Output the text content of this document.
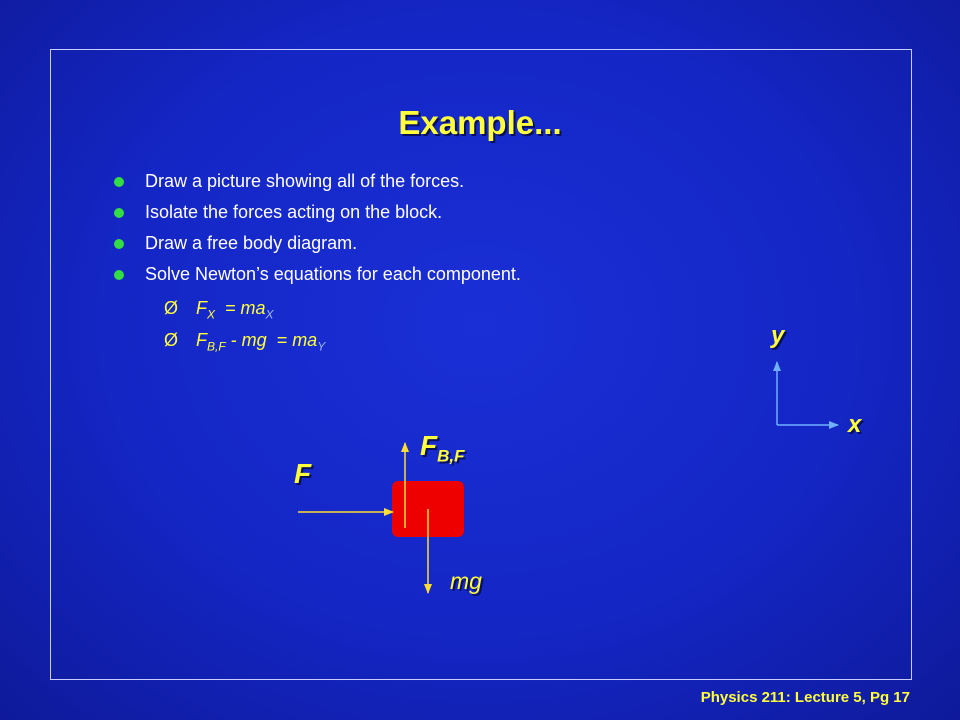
Example...
Draw a picture showing all of the forces.
Isolate the forces acting on the block.
Draw a free body diagram.
Solve Newton’s equations for each component.
Ø $F_X = ma_X$
Ø $F_{B,F}$ - mg  = $ma_Y$	y
x
$F_{B,F}$
F
mg
Physics 211: Lecture 5, Pg 17
